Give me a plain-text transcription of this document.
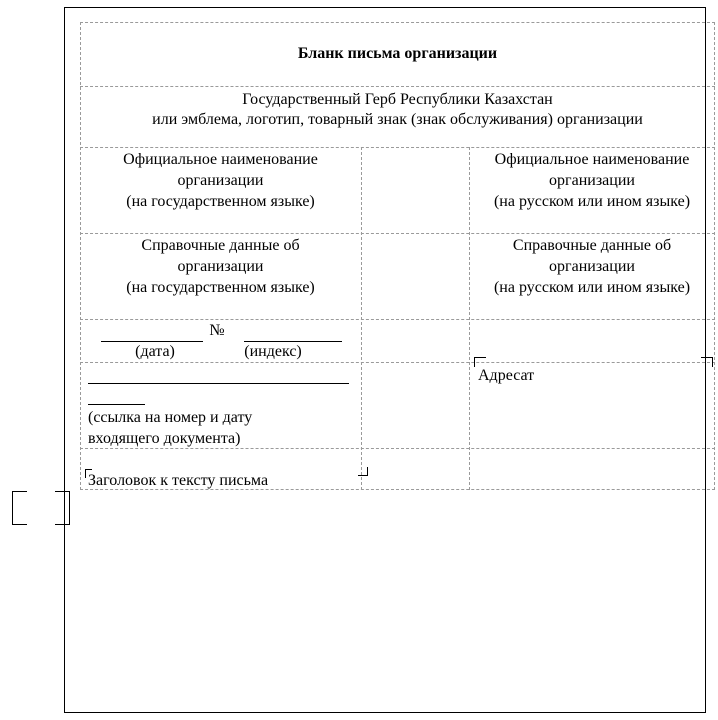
Бланк письма организации
Государственный Герб Республики Казахстан
или эмблема, логотип, товарный знак (знак обслуживания) организации
Официальное наименование
организации
(на государственном языке)
Официальное наименование
организации
(на русском или ином языке)
Справочные данные об
организации
(на государственном языке)
Справочные данные об
организации
(на русском или ином языке)
№
(дата)	(индекс)
(ссылка на номер и дату
входящего документа)
Адресат
Заголовок к тексту письма
